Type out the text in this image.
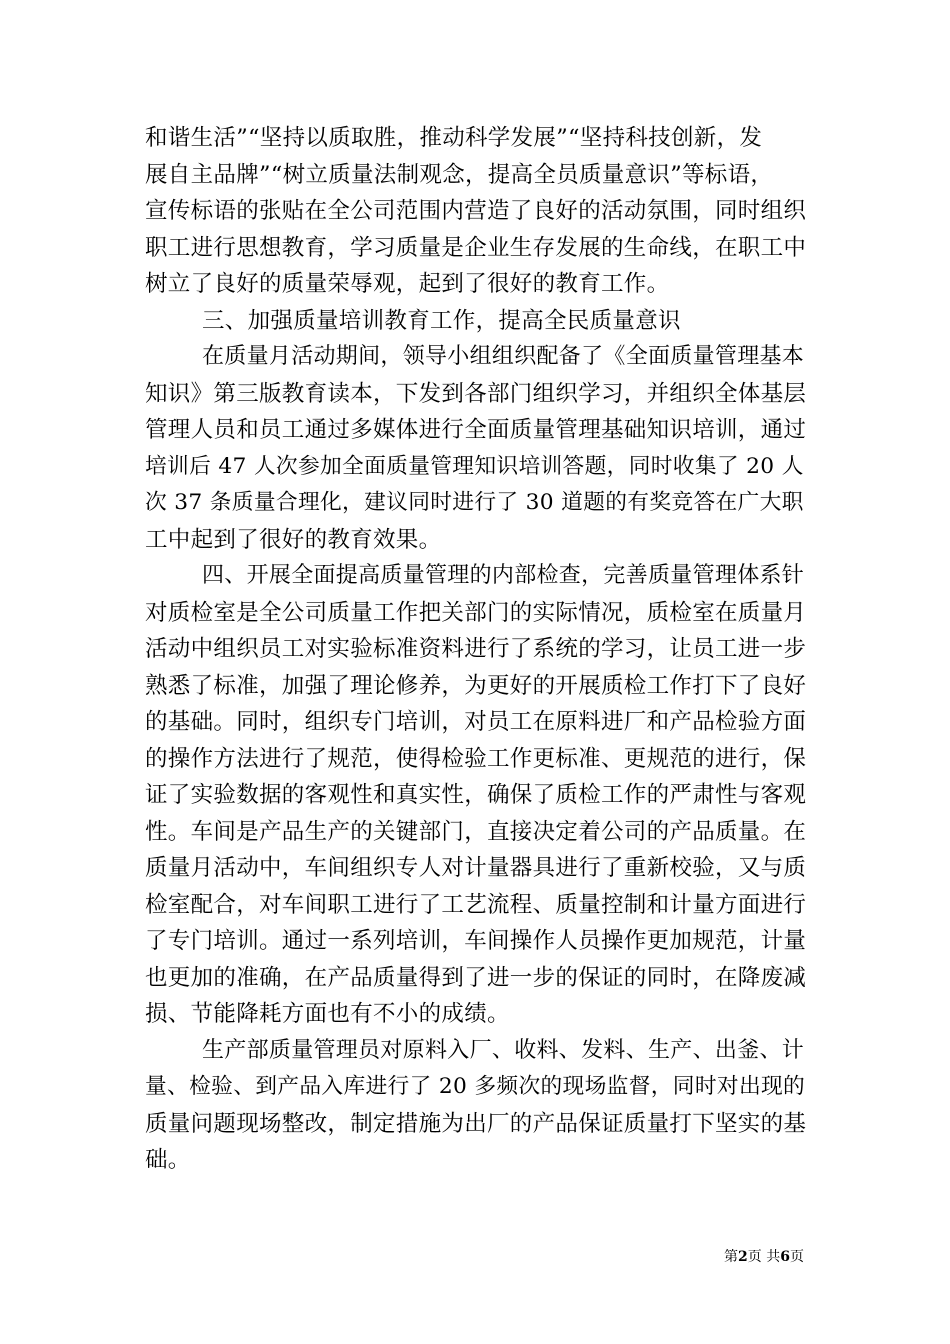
和谐生活”“坚持以质取胜，推动科学发展”“坚持科技创新，发
展自主品牌”“树立质量法制观念，提高全员质量意识”等标语，
宣传标语的张贴在全公司范围内营造了良好的活动氛围，同时组织
职工进行思想教育，学习质量是企业生存发展的生命线，在职工中
树立了良好的质量荣辱观，起到了很好的教育工作。
三、加强质量培训教育工作，提高全民质量意识
在质量月活动期间，领导小组组织配备了《全面质量管理基本
知识》第三版教育读本，下发到各部门组织学习，并组织全体基层
管理人员和员工通过多媒体进行全面质量管理基础知识培训，通过
培训后 47 人次参加全面质量管理知识培训答题，同时收集了 20 人
次 37 条质量合理化，建议同时进行了 30 道题的有奖竞答在广大职
工中起到了很好的教育效果。
四、开展全面提高质量管理的内部检查，完善质量管理体系针
对质检室是全公司质量工作把关部门的实际情况，质检室在质量月
活动中组织员工对实验标准资料进行了系统的学习，让员工进一步
熟悉了标准，加强了理论修养，为更好的开展质检工作打下了良好
的基础。同时，组织专门培训，对员工在原料进厂和产品检验方面
的操作方法进行了规范，使得检验工作更标准、更规范的进行，保
证了实验数据的客观性和真实性，确保了质检工作的严肃性与客观
性。车间是产品生产的关键部门，直接决定着公司的产品质量。在
质量月活动中，车间组织专人对计量器具进行了重新校验，又与质
检室配合，对车间职工进行了工艺流程、质量控制和计量方面进行
了专门培训。通过一系列培训，车间操作人员操作更加规范，计量
也更加的准确，在产品质量得到了进一步的保证的同时，在降废减
损、节能降耗方面也有不小的成绩。
生产部质量管理员对原料入厂、收料、发料、生产、出釜、计
量、检验、到产品入库进行了 20 多频次的现场监督，同时对出现的
质量问题现场整改，制定措施为出厂的产品保证质量打下坚实的基
础。
第2页 共6页
